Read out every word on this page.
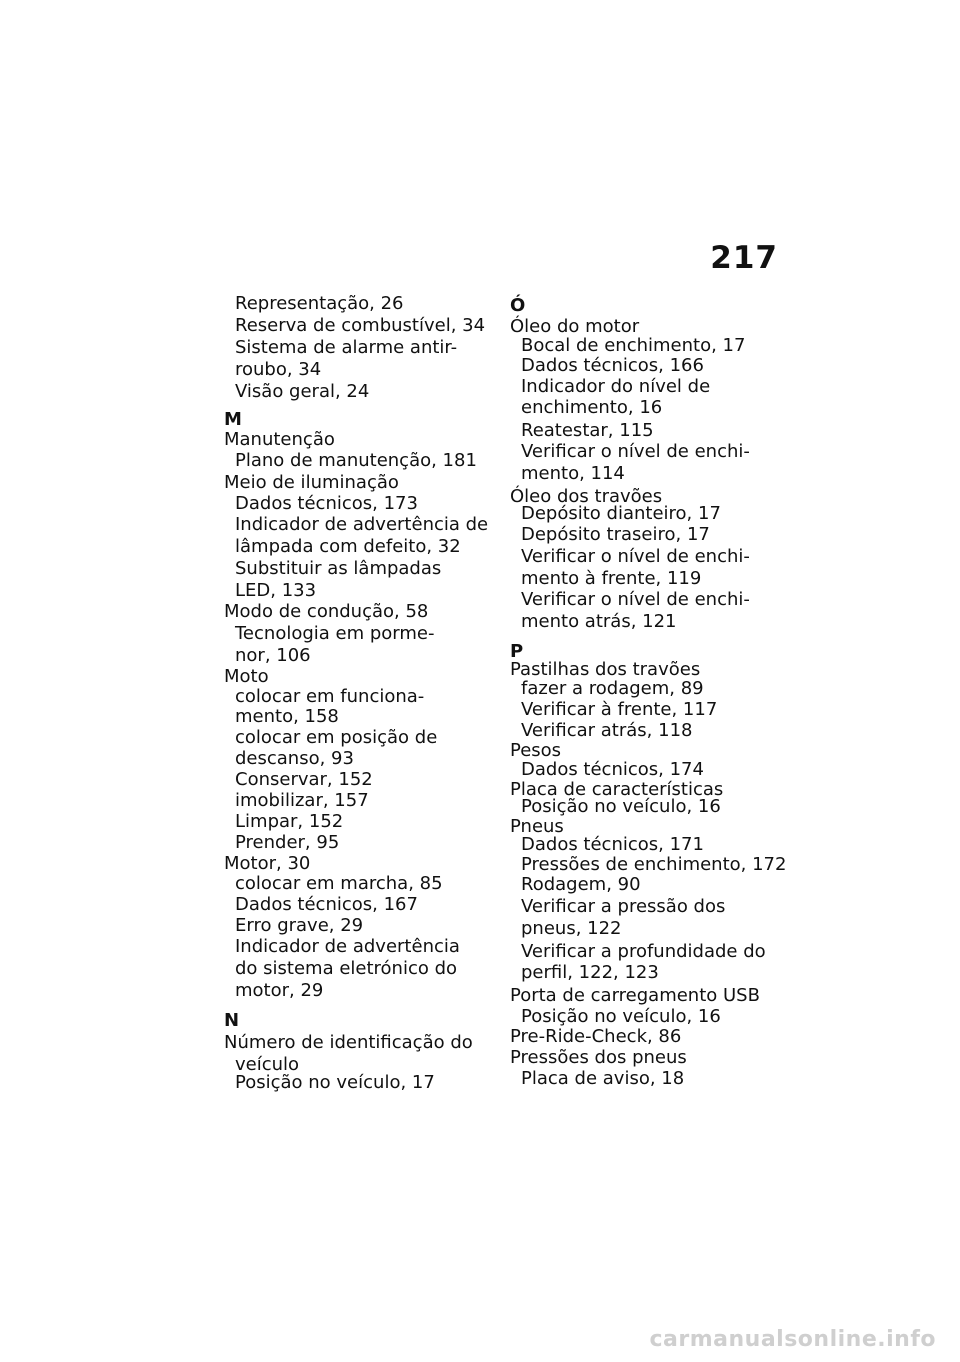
217
Representação, 26
Reserva de combustível, 34
Sistema de alarme antir-
roubo, 34
Visão geral, 24
M
Manutenção
Plano de manutenção, 181
Meio de iluminação
Dados técnicos, 173
Indicador de advertência de
lâmpada com defeito, 32
Substituir as lâmpadas
LED, 133
Modo de condução, 58
Tecnologia em porme-
nor, 106
Moto
colocar em funciona-
mento, 158
colocar em posição de
descanso, 93
Conservar, 152
imobilizar, 157
Limpar, 152
Prender, 95
Motor, 30
colocar em marcha, 85
Dados técnicos, 167
Erro grave, 29
Indicador de advertência
do sistema eletrónico do
motor, 29
N
Número de identificação do
veículo
Posição no veículo, 17
Ó
Óleo do motor
Bocal de enchimento, 17
Dados técnicos, 166
Indicador do nível de
enchimento, 16
Reatestar, 115
Verificar o nível de enchi-
mento, 114
Óleo dos travões
Depósito dianteiro, 17
Depósito traseiro, 17
Verificar o nível de enchi-
mento à frente, 119
Verificar o nível de enchi-
mento atrás, 121
P
Pastilhas dos travões
fazer a rodagem, 89
Verificar à frente, 117
Verificar atrás, 118
Pesos
Dados técnicos, 174
Placa de características
Posição no veículo, 16
Pneus
Dados técnicos, 171
Pressões de enchimento, 172
Rodagem, 90
Verificar a pressão dos
pneus, 122
Verificar a profundidade do
perfil, 122, 123
Porta de carregamento USB
Posição no veículo, 16
Pre-Ride-Check, 86
Pressões dos pneus
Placa de aviso, 18
carmanualsonline.info
